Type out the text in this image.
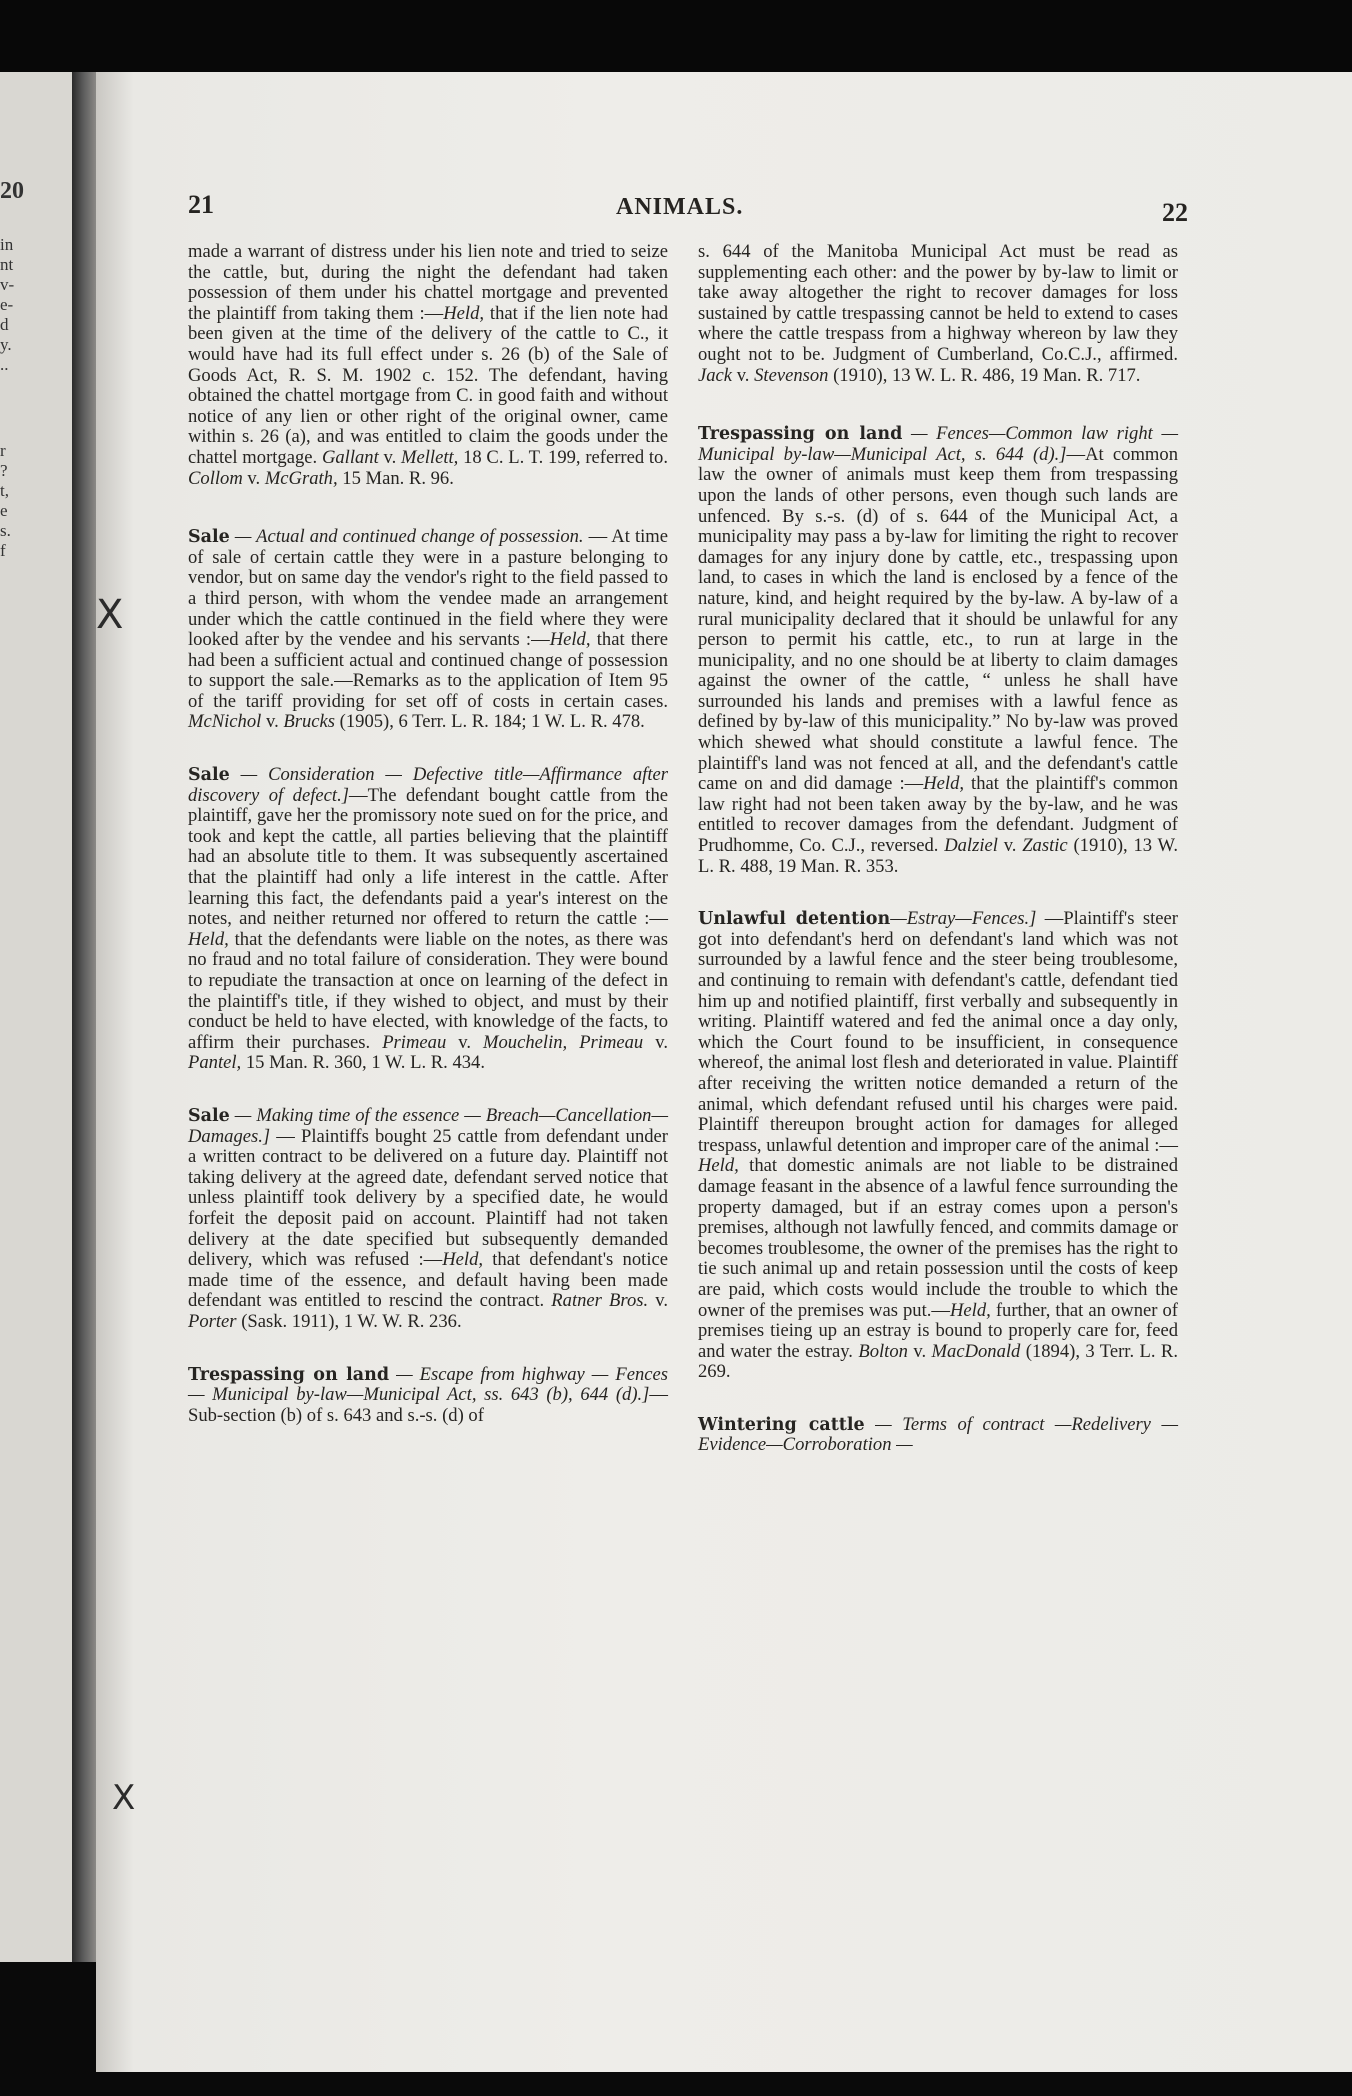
20
in
nt
v-
e-
d
y.
..
r
?
t,
e
s.
f
21	ANIMALS.	22

made a warrant of distress under his lien note and tried to seize the cattle, but, during the night the defendant had taken possession of them under his chattel mortgage and prevented the plaintiff from taking them :—Held, that if the lien note had been given at the time of the delivery of the cattle to C., it would have had its full effect under s. 26 (b) of the Sale of Goods Act, R. S. M. 1902 c. 152. The defendant, having obtained the chattel mortgage from C. in good faith and without notice of any lien or other right of the original owner, came within s. 26 (a), and was entitled to claim the goods under the chattel mortgage. Gallant v. Mellett, 18 C. L. T. 199, referred to. Collom v. McGrath, 15 Man. R. 96.

Sale — Actual and continued change of possession. — At time of sale of certain cattle they were in a pasture belonging to vendor, but on same day the vendor's right to the field passed to a third person, with whom the vendee made an arrangement under which the cattle continued in the field where they were looked after by the vendee and his servants :—Held, that there had been a sufficient actual and continued change of possession to support the sale.—Remarks as to the application of Item 95 of the tariff providing for set off of costs in certain cases. McNichol v. Brucks (1905), 6 Terr. L. R. 184; 1 W. L. R. 478.

Sale — Consideration — Defective title—Affirmance after discovery of defect.]—The defendant bought cattle from the plaintiff, gave her the promissory note sued on for the price, and took and kept the cattle, all parties believing that the plaintiff had an absolute title to them. It was subsequently ascertained that the plaintiff had only a life interest in the cattle. After learning this fact, the defendants paid a year's interest on the notes, and neither returned nor offered to return the cattle :—Held, that the defendants were liable on the notes, as there was no fraud and no total failure of consideration. They were bound to repudiate the transaction at once on learning of the defect in the plaintiff's title, if they wished to object, and must by their conduct be held to have elected, with knowledge of the facts, to affirm their purchases. Primeau v. Mouchelin, Primeau v. Pantel, 15 Man. R. 360, 1 W. L. R. 434.

Sale — Making time of the essence — Breach—Cancellation—Damages.] — Plaintiffs bought 25 cattle from defendant under a written contract to be delivered on a future day. Plaintiff not taking delivery at the agreed date, defendant served notice that unless plaintiff took delivery by a specified date, he would forfeit the deposit paid on account. Plaintiff had not taken delivery at the date specified but subsequently demanded delivery, which was refused :—Held, that defendant's notice made time of the essence, and default having been made defendant was entitled to rescind the contract. Ratner Bros. v. Porter (Sask. 1911), 1 W. W. R. 236.

Trespassing on land — Escape from highway — Fences — Municipal by-law—Municipal Act, ss. 643 (b), 644 (d).]—Sub-section (b) of s. 643 and s.-s. (d) of

s. 644 of the Manitoba Municipal Act must be read as supplementing each other: and the power by by-law to limit or take away altogether the right to recover damages for loss sustained by cattle trespassing cannot be held to extend to cases where the cattle trespass from a highway whereon by law they ought not to be. Judgment of Cumberland, Co.C.J., affirmed. Jack v. Stevenson (1910), 13 W. L. R. 486, 19 Man. R. 717.

Trespassing on land — Fences—Common law right — Municipal by-law—Municipal Act, s. 644 (d).]—At common law the owner of animals must keep them from trespassing upon the lands of other persons, even though such lands are unfenced. By s.-s. (d) of s. 644 of the Municipal Act, a municipality may pass a by-law for limiting the right to recover damages for any injury done by cattle, etc., trespassing upon land, to cases in which the land is enclosed by a fence of the nature, kind, and height required by the by-law. A by-law of a rural municipality declared that it should be unlawful for any person to permit his cattle, etc., to run at large in the municipality, and no one should be at liberty to claim damages against the owner of the cattle, “ unless he shall have surrounded his lands and premises with a lawful fence as defined by by-law of this municipality.” No by-law was proved which shewed what should constitute a lawful fence. The plaintiff's land was not fenced at all, and the defendant's cattle came on and did damage :—Held, that the plaintiff's common law right had not been taken away by the by-law, and he was entitled to recover damages from the defendant. Judgment of Prudhomme, Co. C.J., reversed. Dalziel v. Zastic (1910), 13 W. L. R. 488, 19 Man. R. 353.

Unlawful detention—Estray—Fences.] —Plaintiff's steer got into defendant's herd on defendant's land which was not surrounded by a lawful fence and the steer being troublesome, and continuing to remain with defendant's cattle, defendant tied him up and notified plaintiff, first verbally and subsequently in writing. Plaintiff watered and fed the animal once a day only, which the Court found to be insufficient, in consequence whereof, the animal lost flesh and deteriorated in value. Plaintiff after receiving the written notice demanded a return of the animal, which defendant refused until his charges were paid. Plaintiff thereupon brought action for damages for alleged trespass, unlawful detention and improper care of the animal :—Held, that domestic animals are not liable to be distrained damage feasant in the absence of a lawful fence surrounding the property damaged, but if an estray comes upon a person's premises, although not lawfully fenced, and commits damage or becomes troublesome, the owner of the premises has the right to tie such animal up and retain possession until the costs of keep are paid, which costs would include the trouble to which the owner of the premises was put.—Held, further, that an owner of premises tieing up an estray is bound to properly care for, feed and water the estray. Bolton v. MacDonald (1894), 3 Terr. L. R. 269.

Wintering cattle — Terms of contract —Redelivery — Evidence—Corroboration —

X
X
